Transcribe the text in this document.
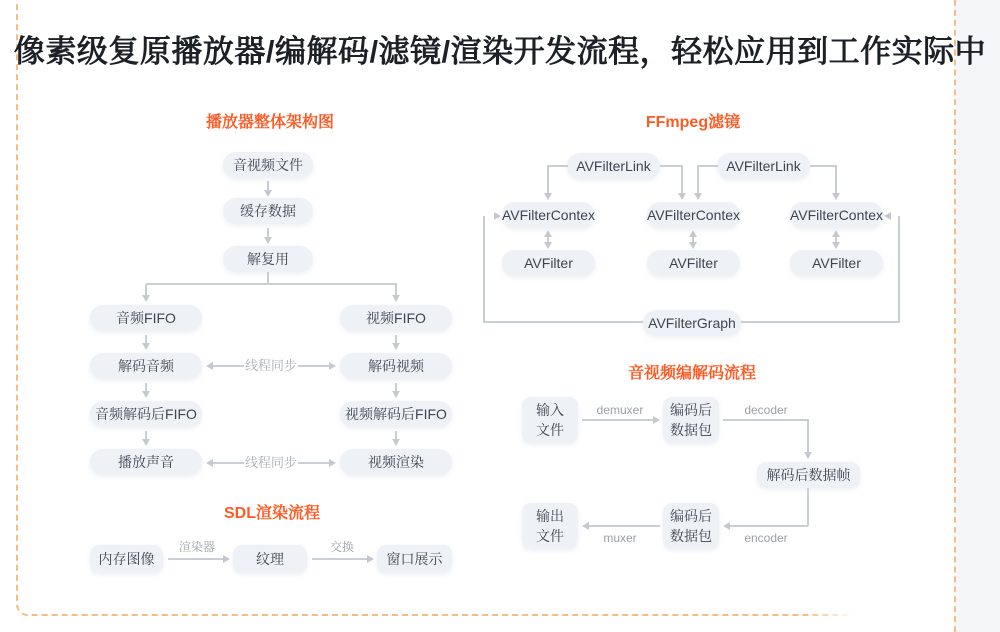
像素级复原播放器/编解码/滤镜/渲染开发流程，轻松应用到工作实际中
播放器整体架构图	FFmpeg滤镜
音视频编解码流程
SDL渲染流程
音视频文件
缓存数据
解复用
音频FIFO	视频FIFO
解码音频	解码视频
音频解码后FIFO	视频解码后FIFO
播放声音	视频渲染
AVFilterLink	AVFilterLink
AVFilterContex	AVFilterContex	AVFilterContex
AVFilter	AVFilter	AVFilter
AVFilterGraph
输入
文件
编码后
数据包
解码后数据帧
编码后
数据包
输出
文件
内存图像	纹理	窗口展示
线程同步
线程同步
demuxer	decoder
encoder
muxer
渲染器	交换
